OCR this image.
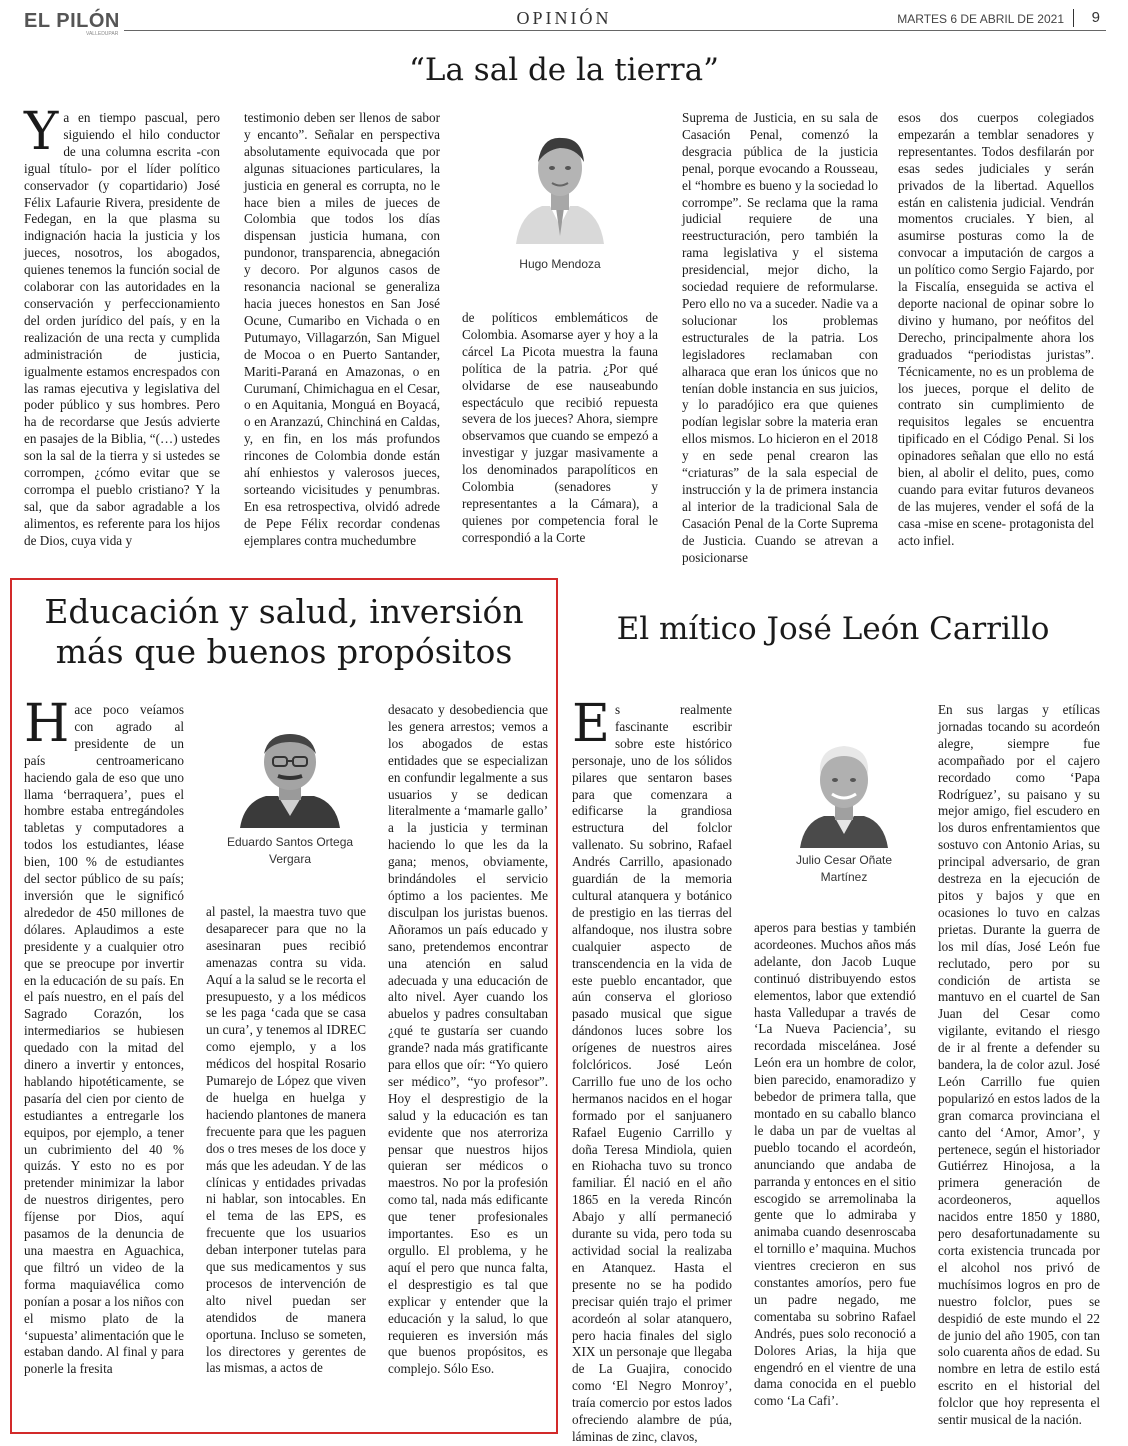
EL PILÓN
VALLEDUPAR
OPINIÓN	MARTES 6 DE ABRIL DE 2021 9
“La sal de la tierra”
Y a en tiempo pascual, pero siguiendo el hilo conductor de una columna escrita -con igual título- por el líder político conservador (y copartidario) José Félix Lafaurie Rivera, presidente de Fedegan, en la que plasma su indignación hacia la justicia y los jueces, nosotros, los abogados, quienes tenemos la función social de colaborar con las autoridades en la conservación y perfeccionamiento del orden jurídico del país, y en la realización de una recta y cumplida administración de justicia, igualmente estamos encrespados con las ramas ejecutiva y legislativa del poder público y sus hombres. Pero ha de recordarse que Jesús advierte en pasajes de la Biblia, “(…) ustedes son la sal de la tierra y si ustedes se corrompen, ¿cómo evitar que se corrompa el pueblo cristiano? Y la sal, que da sabor agradable a los alimentos, es referente para los hijos de Dios, cuya vida y
testimonio deben ser llenos de sabor y encanto”. Señalar en perspectiva absolutamente equivocada que por algunas situaciones particulares, la justicia en general es corrupta, no le hace bien a miles de jueces de Colombia que todos los días dispensan justicia humana, con pundonor, transparencia, abnegación y decoro. Por algunos casos de resonancia nacional se generaliza hacia jueces honestos en San José Ocune, Cumaribo en Vichada o en Putumayo, Villagarzón, San Miguel de Mocoa o en Puerto Santander, Mariti-Paraná en Amazonas, o en Curumaní, Chimichagua en el Cesar, o en Aquitania, Monguá en Boyacá, o en Aranzazú, Chinchiná en Caldas, y, en fin, en los más profundos rincones de Colombia donde están ahí enhiestos y valerosos jueces, sorteando vicisitudes y penumbras. En esa retrospectiva, olvidó adrede de Pepe Félix recordar condenas ejemplares contra muchedumbre
Hugo Mendoza
de políticos emblemáticos de Colombia. Asomarse ayer y hoy a la cárcel La Picota muestra la fauna política de la patria. ¿Por qué olvidarse de ese nauseabundo espectáculo que recibió repuesta severa de los jueces? Ahora, siempre observamos que cuando se empezó a investigar y juzgar masivamente a los denominados parapolíticos en Colombia (senadores y representantes a la Cámara), a quienes por competencia foral le correspondió a la Corte
Suprema de Justicia, en su sala de Casación Penal, comenzó la desgracia pública de la justicia penal, porque evocando a Rousseau, el “hombre es bueno y la sociedad lo corrompe”. Se reclama que la rama judicial requiere de una reestructuración, pero también la rama legislativa y el sistema presidencial, mejor dicho, la sociedad requiere de reformularse. Pero ello no va a suceder. Nadie va a solucionar los problemas estructurales de la patria. Los legisladores reclamaban con alharaca que eran los únicos que no tenían doble instancia en sus juicios, y lo paradójico era que quienes podían legislar sobre la materia eran ellos mismos. Lo hicieron en el 2018 y en sede penal crearon las “criaturas” de la sala especial de instrucción y la de primera instancia al interior de la tradicional Sala de Casación Penal de la Corte Suprema de Justicia. Cuando se atrevan a posicionarse
esos dos cuerpos colegiados empezarán a temblar senadores y representantes. Todos desfilarán por esas sedes judiciales y serán privados de la libertad. Aquellos están en calistenia judicial. Vendrán momentos cruciales. Y bien, al asumirse posturas como la de convocar a imputación de cargos a un político como Sergio Fajardo, por la Fiscalía, enseguida se activa el deporte nacional de opinar sobre lo divino y humano, por neófitos del Derecho, principalmente ahora los graduados “periodistas juristas”. Técnicamente, no es un problema de los jueces, porque el delito de contrato sin cumplimiento de requisitos legales se encuentra tipificado en el Código Penal. Si los opinadores señalan que ello no está bien, al abolir el delito, pues, como cuando para evitar futuros devaneos de las mujeres, vender el sofá de la casa -mise en scene- protagonista del acto infiel.
Educación y salud, inversión
más que buenos propósitos
H ace poco veíamos con agrado al presidente de un país centroamericano haciendo gala de eso que uno llama ‘berraquera’, pues el hombre estaba entregándoles tabletas y computadores a todos los estudiantes, léase bien, 100 % de estudiantes del sector público de su país; inversión que le significó alrededor de 450 millones de dólares. Aplaudimos a este presidente y a cualquier otro que se preocupe por invertir en la educación de su país. En el país nuestro, en el país del Sagrado Corazón, los intermediarios se hubiesen quedado con la mitad del dinero a invertir y entonces, hablando hipotéticamente, se pasaría del cien por ciento de estudiantes a entregarle los equipos, por ejemplo, a tener un cubrimiento del 40 % quizás. Y esto no es por pretender minimizar la labor de nuestros dirigentes, pero fíjense por Dios, aquí pasamos de la denuncia de una maestra en Aguachica, que filtró un video de la forma maquiavélica como ponían a posar a los niños con el mismo plato de la ‘supuesta’ alimentación que le estaban dando. Al final y para ponerle la fresita
Eduardo Santos Ortega
Vergara
al pastel, la maestra tuvo que desaparecer para que no la asesinaran pues recibió amenazas contra su vida. Aquí a la salud se le recorta el presupuesto, y a los médicos se les paga ‘cada que se casa un cura’, y tenemos al IDREC como ejemplo, y a los médicos del hospital Rosario Pumarejo de López que viven de huelga en huelga y haciendo plantones de manera frecuente para que les paguen dos o tres meses de los doce y más que les adeudan. Y de las clínicas y entidades privadas ni hablar, son intocables. En el tema de las EPS, es frecuente que los usuarios deban interponer tutelas para que sus medicamentos y sus procesos de intervención de alto nivel puedan ser atendidos de manera oportuna. Incluso se someten, los directores y gerentes de las mismas, a actos de
desacato y desobediencia que les genera arrestos; vemos a los abogados de estas entidades que se especializan en confundir legalmente a sus usuarios y se dedican literalmente a ‘mamarle gallo’ a la justicia y terminan haciendo lo que les da la gana; menos, obviamente, brindándoles el servicio óptimo a los pacientes. Me disculpan los juristas buenos. Añoramos un país educado y sano, pretendemos encontrar una atención en salud adecuada y una educación de alto nivel. Ayer cuando los abuelos y padres consultaban ¿qué te gustaría ser cuando grande? nada más gratificante para ellos que oír: “Yo quiero ser médico”, “yo profesor”. Hoy el desprestigio de la salud y la educación es tan evidente que nos aterroriza pensar que nuestros hijos quieran ser médicos o maestros. No por la profesión como tal, nada más edificante que tener profesionales importantes. Eso es un orgullo. El problema, y he aquí el pero que nunca falta, el desprestigio es tal que explicar y entender que la educación y la salud, lo que requieren es inversión más que buenos propósitos, es complejo. Sólo Eso.
El mítico José León Carrillo
E s realmente fascinante escribir sobre este histórico personaje, uno de los sólidos pilares que sentaron bases para que comenzara a edificarse la grandiosa estructura del folclor vallenato. Su sobrino, Rafael Andrés Carrillo, apasionado guardián de la memoria cultural atanquera y botánico de prestigio en las tierras del alfandoque, nos ilustra sobre cualquier aspecto de transcendencia en la vida de este pueblo encantador, que aún conserva el glorioso pasado musical que sigue dándonos luces sobre los orígenes de nuestros aires folclóricos. José León Carrillo fue uno de los ocho hermanos nacidos en el hogar formado por el sanjuanero Rafael Eugenio Carrillo y doña Teresa Mindiola, quien en Riohacha tuvo su tronco familiar. Él nació en el año 1865 en la vereda Rincón Abajo y allí permaneció durante su vida, pero toda su actividad social la realizaba en Atanquez. Hasta el presente no se ha podido precisar quién trajo el primer acordeón al solar atanquero, pero hacia finales del siglo XIX un personaje que llegaba de La Guajira, conocido como ‘El Negro Monroy’, traía comercio por estos lados ofreciendo alambre de púa, láminas de zinc, clavos,
Julio Cesar Oñate
Martínez
aperos para bestias y también acordeones. Muchos años más adelante, don Jacob Luque continuó distribuyendo estos elementos, labor que extendió hasta Valledupar a través de ‘La Nueva Paciencia’, su recordada miscelánea. José León era un hombre de color, bien parecido, enamoradizo y bebedor de primera talla, que montado en su caballo blanco le daba un par de vueltas al pueblo tocando el acordeón, anunciando que andaba de parranda y entonces en el sitio escogido se arremolinaba la gente que lo admiraba y animaba cuando desenroscaba el tornillo e’ maquina. Muchos vientres crecieron en sus constantes amoríos, pero fue un padre negado, me comentaba su sobrino Rafael Andrés, pues solo reconoció a Dolores Arias, la hija que engendró en el vientre de una dama conocida en el pueblo como ‘La Cafi’.
En sus largas y etílicas jornadas tocando su acordeón alegre, siempre fue acompañado por el cajero recordado como ‘Papa Rodríguez’, su paisano y su mejor amigo, fiel escudero en los duros enfrentamientos que sostuvo con Antonio Arias, su principal adversario, de gran destreza en la ejecución de pitos y bajos y que en ocasiones lo tuvo en calzas prietas. Durante la guerra de los mil días, José León fue reclutado, pero por su condición de artista se mantuvo en el cuartel de San Juan del Cesar como vigilante, evitando el riesgo de ir al frente a defender su bandera, la de color azul. José León Carrillo fue quien popularizó en estos lados de la gran comarca provinciana el canto del ‘Amor, Amor’, y pertenece, según el historiador Gutiérrez Hinojosa, a la primera generación de acordeoneros, aquellos nacidos entre 1850 y 1880, pero desafortunadamente su corta existencia truncada por el alcohol nos privó de muchísimos logros en pro de nuestro folclor, pues se despidió de este mundo el 22 de junio del año 1905, con tan solo cuarenta años de edad. Su nombre en letra de estilo está escrito en el historial del folclor que hoy representa el sentir musical de la nación.
